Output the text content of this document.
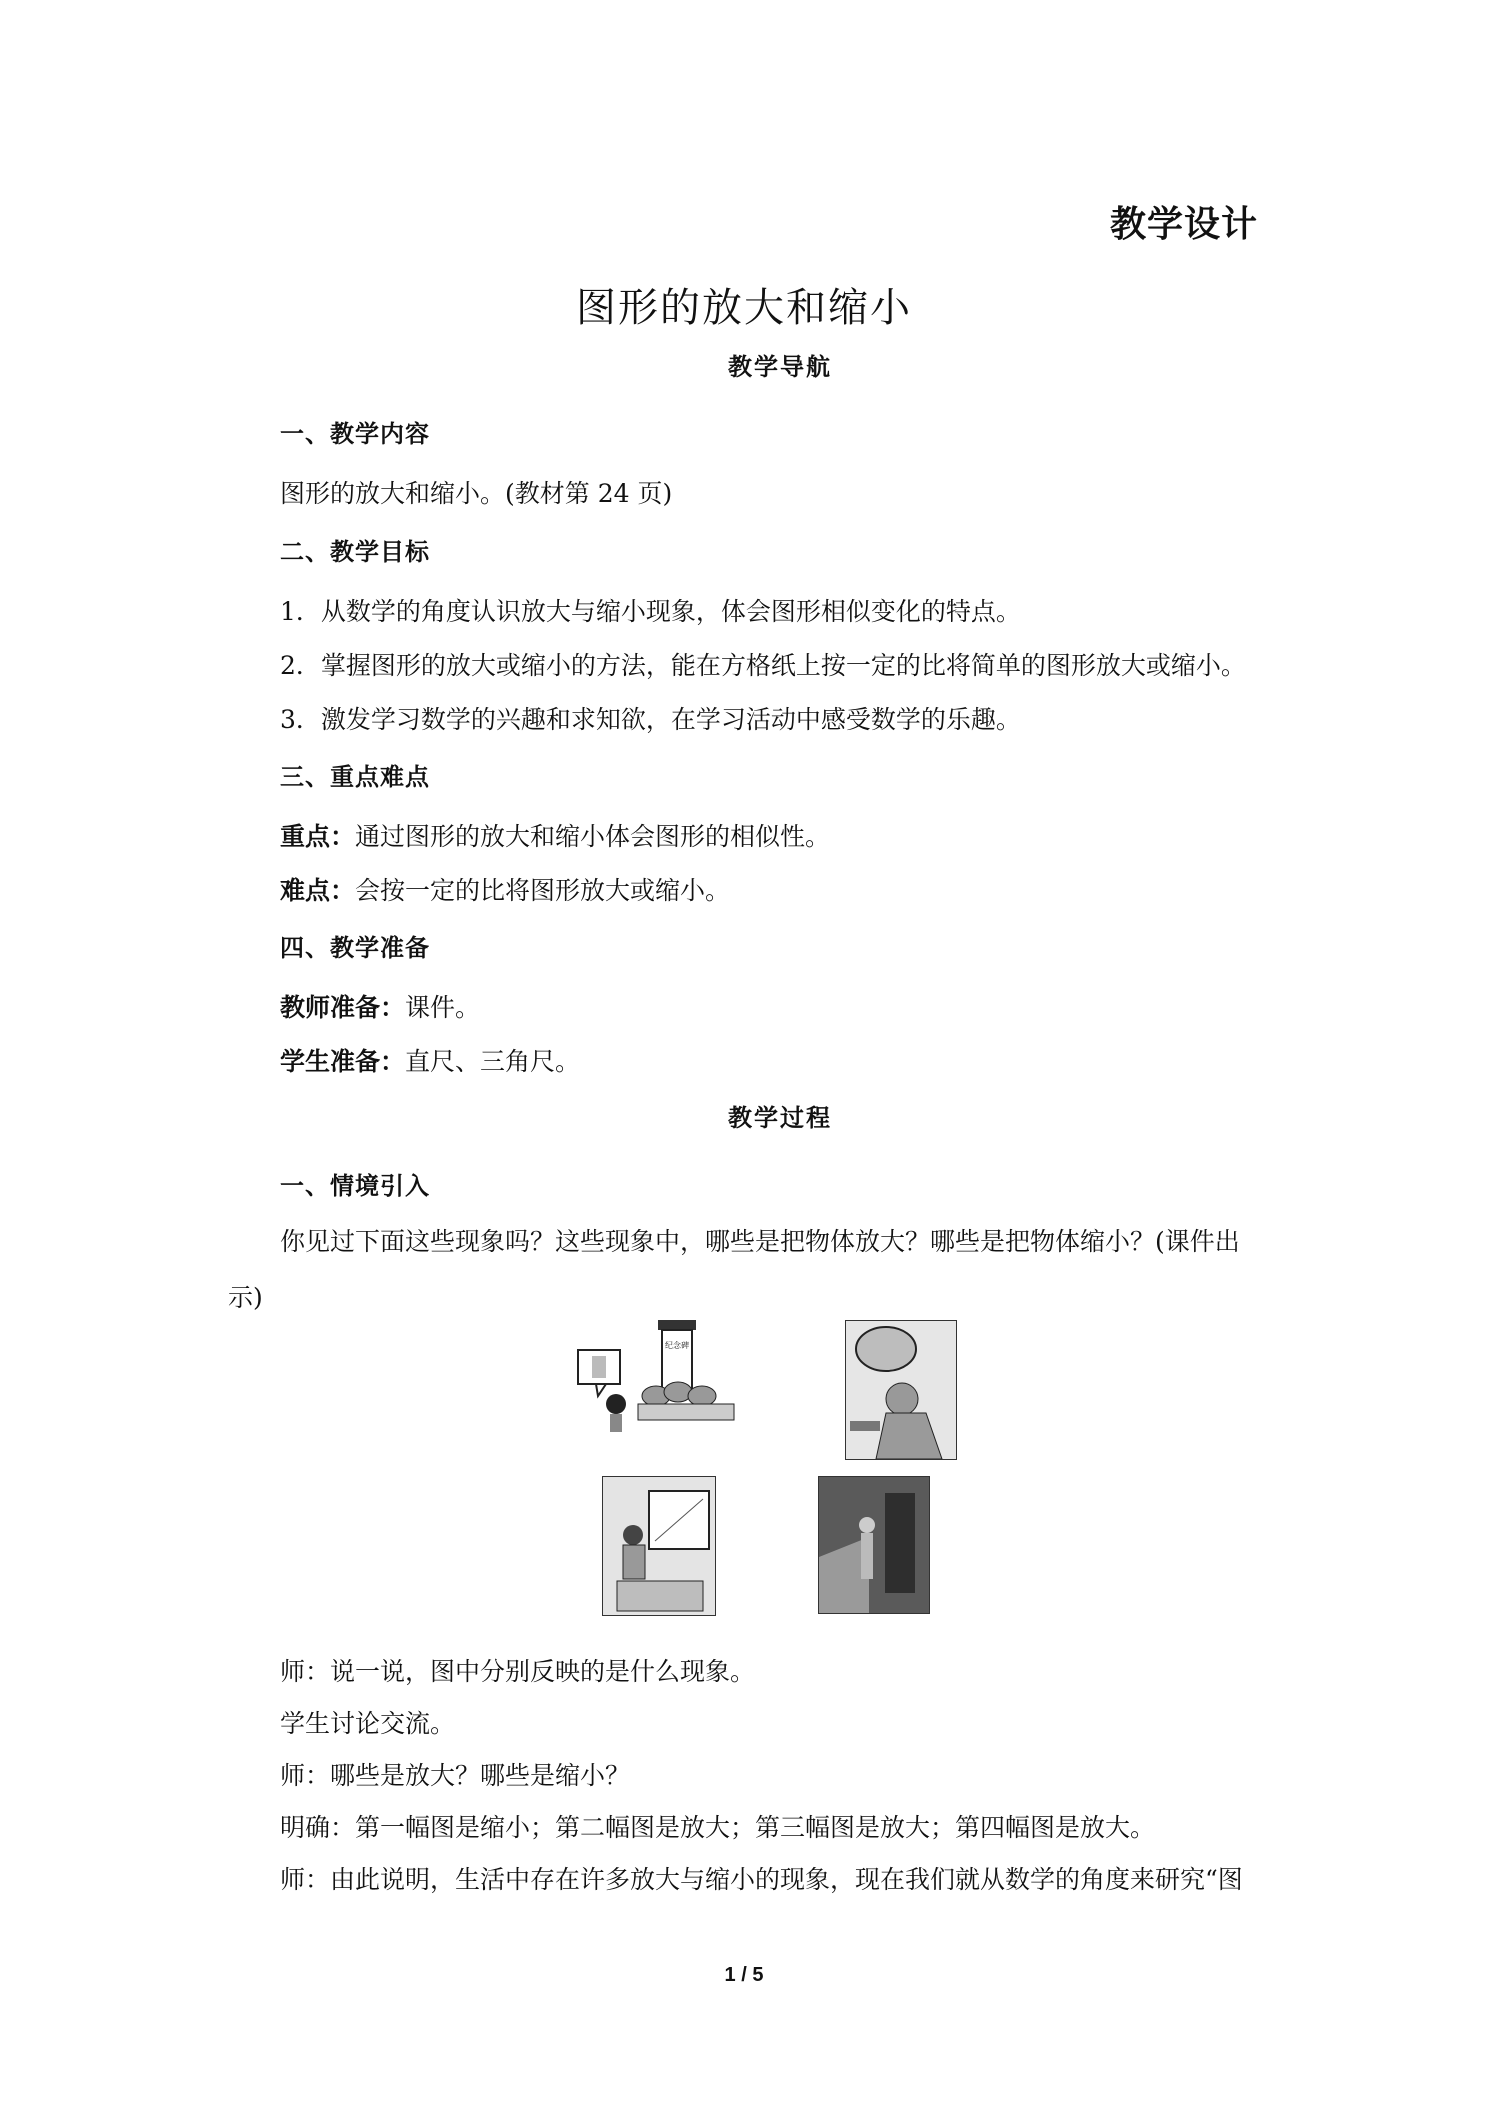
教学设计
图形的放大和缩小
教学导航
一、教学内容
图形的放大和缩小。(教材第 24 页)
二、教学目标
1．从数学的角度认识放大与缩小现象，体会图形相似变化的特点。
2．掌握图形的放大或缩小的方法，能在方格纸上按一定的比将简单的图形放大或缩小。
3．激发学习数学的兴趣和求知欲，在学习活动中感受数学的乐趣。
三、重点难点
重点：通过图形的放大和缩小体会图形的相似性。
难点：会按一定的比将图形放大或缩小。
四、教学准备
教师准备：课件。
学生准备：直尺、三角尺。
教学过程
一、情境引入
你见过下面这些现象吗？这些现象中，哪些是把物体放大？哪些是把物体缩小？(课件出示)
纪念碑
师：说一说，图中分别反映的是什么现象。
学生讨论交流。
师：哪些是放大？哪些是缩小？
明确：第一幅图是缩小；第二幅图是放大；第三幅图是放大；第四幅图是放大。
师：由此说明，生活中存在许多放大与缩小的现象，现在我们就从数学的角度来研究“图
1 / 5
